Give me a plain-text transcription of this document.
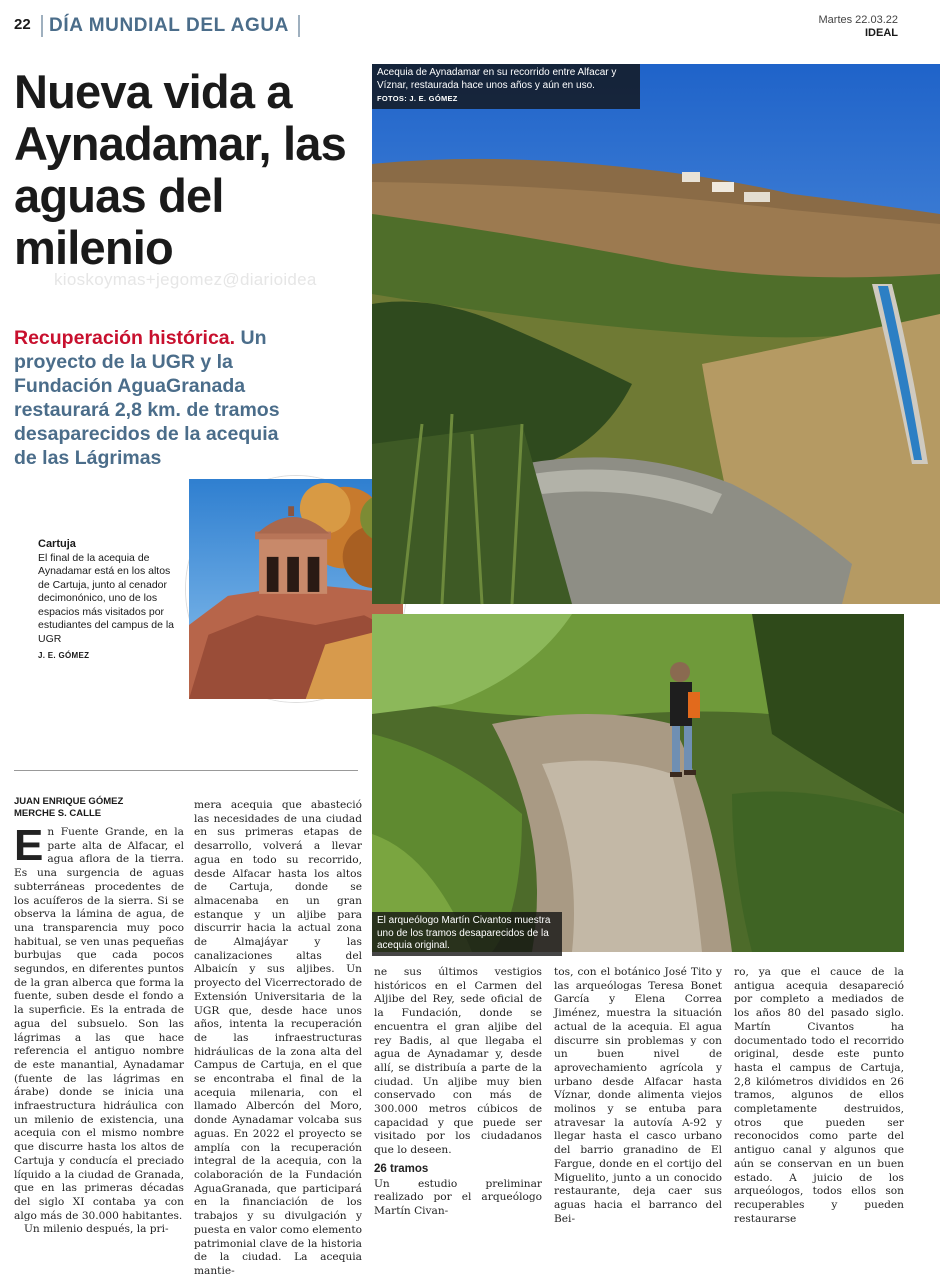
22 DÍA MUNDIAL DEL AGUA	Martes 22.03.22
IDEAL
Nueva vida a Aynadamar, las aguas del milenio
kioskoymas+jegomez@diarioidea
Recuperación histórica. Un proyecto de la UGR y la Fundación AguaGranada restaurará 2,8 km. de tramos desaparecidos de la acequia de las Lágrimas
Cartuja
El final de la acequia de Aynadamar está en los altos de Cartuja, junto al cenador decimonónico, uno de los espacios más visitados por estudiantes del campus de la UGR
J. E. GÓMEZ
Acequia de Aynadamar en su recorrido entre Alfacar y Víznar, restaurada hace unos años y aún en uso.
FOTOS: J. E. GÓMEZ
El arqueólogo Martín Civantos muestra uno de los tramos desaparecidos de la acequia original.
JUAN ENRIQUE GÓMEZ
MERCHE S. CALLE
En Fuente Grande, en la parte alta de Alfacar, el agua aflora de la tierra. Es una surgencia de aguas subterráneas procedentes de los acuíferos de la sierra. Si se observa la lámina de agua, de una transparencia muy poco habitual, se ven unas pequeñas burbujas que cada pocos segundos, en diferentes puntos de la gran alberca que forma la fuente, suben desde el fondo a la superficie. Es la entrada de agua del subsuelo. Son las lágrimas a las que hace referencia el antiguo nombre de este manantial, Aynadamar (fuente de las lágrimas en árabe) donde se inicia una infraestructura hidráulica con un milenio de existencia, una acequia con el mismo nombre que discurre hasta los altos de Cartuja y conducía el preciado líquido a la ciudad de Granada, que en las primeras décadas del siglo XI contaba ya con algo más de 30.000 habitantes.
Un milenio después, la pri-
mera acequia que abasteció las necesidades de una ciudad en sus primeras etapas de desarrollo, volverá a llevar agua en todo su recorrido, desde Alfacar hasta los altos de Cartuja, donde se almacenaba en un gran estanque y un aljibe para discurrir hacia la actual zona de Almajáyar y las canalizaciones altas del Albaicín y sus aljibes. Un proyecto del Vicerrectorado de Extensión Universitaria de la UGR que, desde hace unos años, intenta la recuperación de las infraestructuras hidráulicas de la zona alta del Campus de Cartuja, en el que se encontraba el final de la acequia milenaria, con el llamado Albercón del Moro, donde Aynadamar volcaba sus aguas. En 2022 el proyecto se amplía con la recuperación integral de la acequia, con la colaboración de la Fundación AguaGranada, que participará en la financiación de los trabajos y su divulgación y puesta en valor como elemento patrimonial clave de la historia de la ciudad. La acequia mantie-
ne sus últimos vestigios históricos en el Carmen del Aljibe del Rey, sede oficial de la Fundación, donde se encuentra el gran aljibe del rey Badis, al que llegaba el agua de Aynadamar y, desde allí, se distribuía a parte de la ciudad. Un aljibe muy bien conservado con más de 300.000 metros cúbicos de capacidad y que puede ser visitado por los ciudadanos que lo deseen.
26 tramos
Un estudio preliminar realizado por el arqueólogo Martín Civan-
tos, con el botánico José Tito y las arqueólogas Teresa Bonet García y Elena Correa Jiménez, muestra la situación actual de la acequia. El agua discurre sin problemas y con un buen nivel de aprovechamiento agrícola y urbano desde Alfacar hasta Víznar, donde alimenta viejos molinos y se entuba para atravesar la autovía A-92 y llegar hasta el casco urbano del barrio granadino de El Fargue, donde en el cortijo del Miguelito, junto a un conocido restaurante, deja caer sus aguas hacia el barranco del Bei-
ro, ya que el cauce de la antigua acequia desapareció por completo a mediados de los años 80 del pasado siglo. Martín Civantos ha documentado todo el recorrido original, desde este punto hasta el campus de Cartuja, 2,8 kilómetros divididos en 26 tramos, algunos de ellos completamente destruidos, otros que pueden ser reconocidos como parte del antiguo canal y algunos que aún se conservan en un buen estado. A juicio de los arqueólogos, todos ellos son recuperables y pueden restaurarse
